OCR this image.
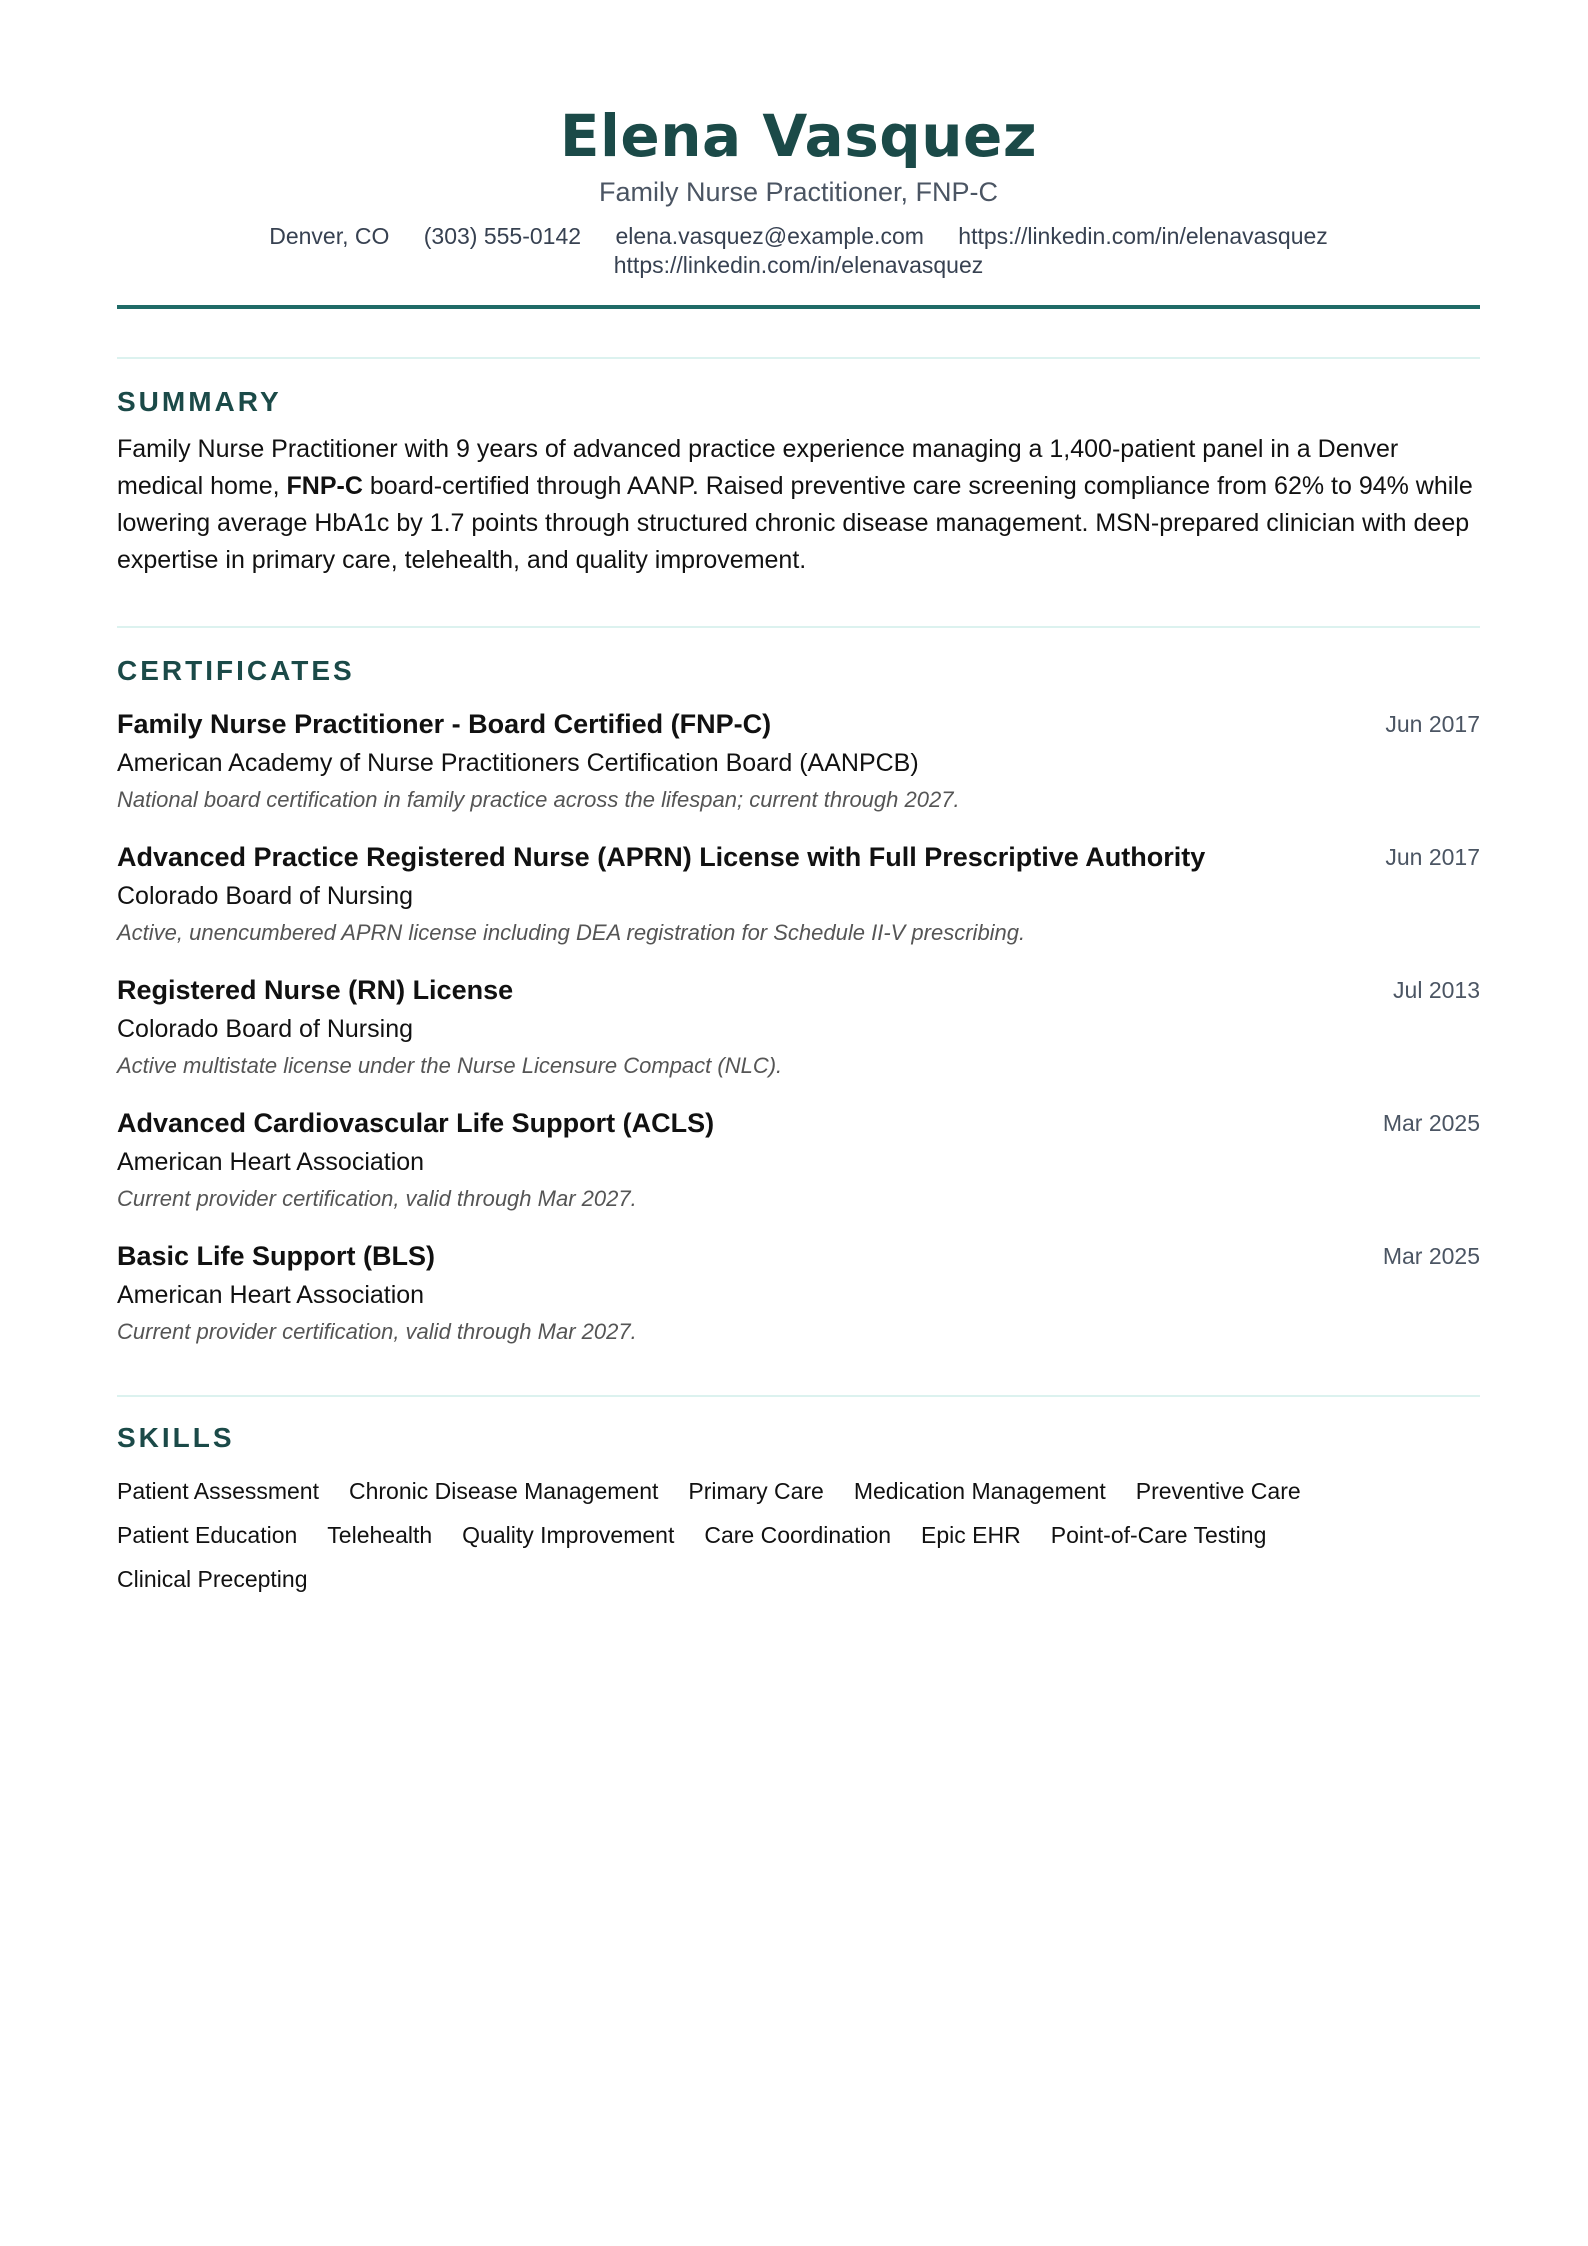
Elena Vasquez
Family Nurse Practitioner, FNP-C
Denver, CO (303) 555-0142 elena.vasquez@example.com https://linkedin.com/in/elenavasquez
https://linkedin.com/in/elenavasquez
SUMMARY

Family Nurse Practitioner with 9 years of advanced practice experience managing a 1,400-patient panel in a Denver medical home, FNP-C board-certified through AANP. Raised preventive care screening compliance from 62% to 94% while lowering average HbA1c by 1.7 points through structured chronic disease management. MSN-prepared clinician with deep expertise in primary care, telehealth, and quality improvement.

CERTIFICATES
Family Nurse Practitioner - Board Certified (FNP-C)	Jun 2017
American Academy of Nurse Practitioners Certification Board (AANPCB)
National board certification in family practice across the lifespan; current through 2027.
Advanced Practice Registered Nurse (APRN) License with Full Prescriptive Authority	Jun 2017
Colorado Board of Nursing
Active, unencumbered APRN license including DEA registration for Schedule II-V prescribing.
Registered Nurse (RN) License	Jul 2013
Colorado Board of Nursing
Active multistate license under the Nurse Licensure Compact (NLC).
Advanced Cardiovascular Life Support (ACLS)	Mar 2025
American Heart Association
Current provider certification, valid through Mar 2027.
Basic Life Support (BLS)	Mar 2025
American Heart Association
Current provider certification, valid through Mar 2027.
SKILLS
Patient Assessment Chronic Disease Management Primary Care Medication Management Preventive CarePatient Education Telehealth Quality Improvement Care Coordination Epic EHR Point-of-Care TestingClinical Precepting
